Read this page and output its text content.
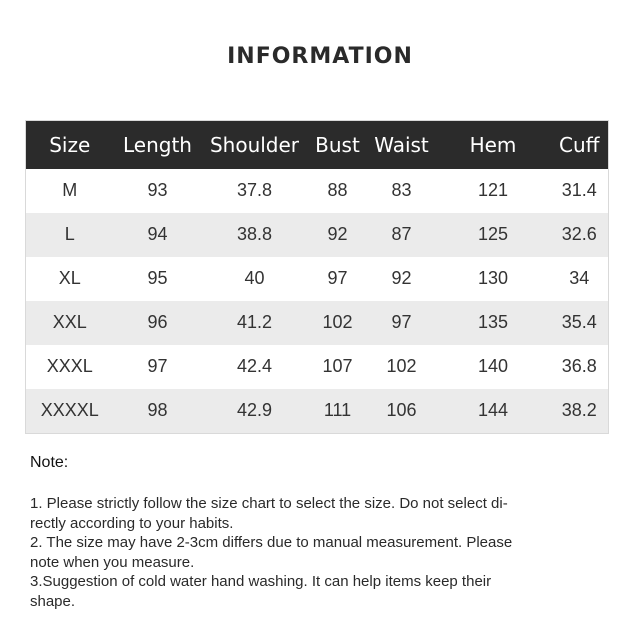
INFORMATION
Size	Length	Shoulder	Bust	Waist	Hem	Cuff
M	93	37.8	88	83	121	31.4
L	94	38.8	92	87	125	32.6
XL	95	40	97	92	130	34
XXL	96	41.2	102	97	135	35.4
XXXL	97	42.4	107	102	140	36.8
XXXXL	98	42.9	111	106	144	38.2
Note:
1. Please strictly follow the size chart to select the size. Do not select di-
rectly according to your habits.
2. The size may have 2-3cm differs due to manual measurement. Please
note when you measure.
3.Suggestion of cold water hand washing. It can help items keep their
shape.
